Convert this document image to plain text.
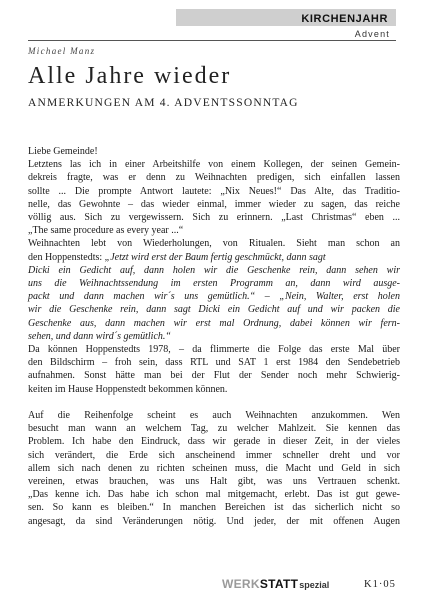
KIRCHENJAHR
Advent
Michael Manz
Alle Jahre wieder
ANMERKUNGEN AM 4. ADVENTSSONNTAG

Liebe Gemeinde!

Letztens las ich in einer Arbeitshilfe von einem Kollegen, der seinen Gemein-

dekreis fragte, was er denn zu Weihnachten predigen, sich einfallen lassen

sollte ... Die prompte Antwort lautete: „Nix Neues!“ Das Alte, das Traditio-

nelle, das Gewohnte – das wieder einmal, immer wieder zu sagen, das reiche

völlig aus. Sich zu vergewissern. Sich zu erinnern. „Last Christmas“ eben ...

„The same procedure as every year ...“

Weihnachten lebt von Wiederholungen, von Ritualen. Sieht man schon an

den Hoppenstedts: „Jetzt wird erst der Baum fertig geschmückt, dann sagt

Dicki ein Gedicht auf, dann holen wir die Geschenke rein, dann sehen wir

uns die Weihnachtssendung im ersten Programm an, dann wird ausge-

packt und dann machen wir´s uns gemütlich.“ – „Nein, Walter, erst holen

wir die Geschenke rein, dann sagt Dicki ein Gedicht auf und wir packen die

Geschenke aus, dann machen wir erst mal Ordnung, dabei können wir fern-

sehen, und dann wird´s gemütlich.“

Da können Hoppenstedts 1978, – da flimmerte die Folge das erste Mal über

den Bildschirm – froh sein, dass RTL und SAT 1 erst 1984 den Sendebetrieb

aufnahmen. Sonst hätte man bei der Flut der Sender noch mehr Schwierig-

keiten im Hause Hoppenstedt bekommen können.

Auf die Reihenfolge scheint es auch Weihnachten anzukommen. Wen

besucht man wann an welchem Tag, zu welcher Mahlzeit. Sie kennen das

Problem. Ich habe den Eindruck, dass wir gerade in dieser Zeit, in der vieles

sich verändert, die Erde sich anscheinend immer schneller dreht und vor

allem sich nach denen zu richten scheinen muss, die Macht und Geld in sich

vereinen, etwas brauchen, was uns Halt gibt, was uns Vertrauen schenkt.

„Das kenne ich. Das habe ich schon mal mitgemacht, erlebt. Das ist gut gewe-

sen. So kann es bleiben.“ In manchen Bereichen ist das sicherlich nicht so

angesagt, da sind Veränderungen nötig. Und jeder, der mit offenen Augen

WERKSTATTspezial	K1·05
